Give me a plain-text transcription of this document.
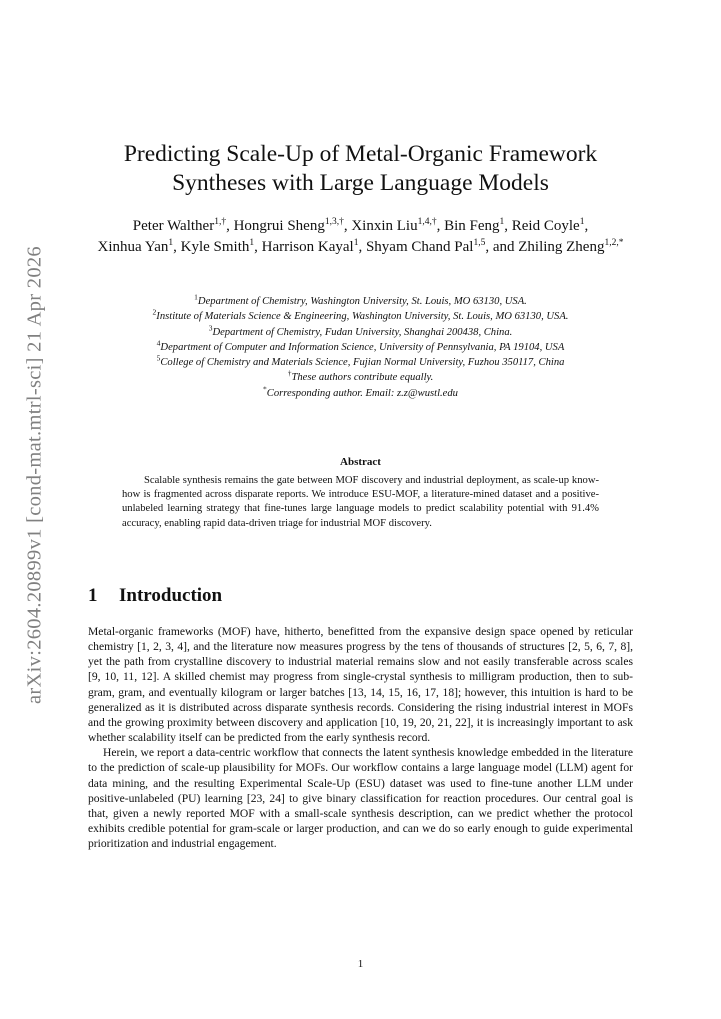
arXiv:2604.20899v1 [cond-mat.mtrl-sci] 21 Apr 2026
Predicting Scale-Up of Metal-Organic Framework
Syntheses with Large Language Models
Peter Walther$^{1,\dagger}$, Hongrui Sheng$^{1,3,\dagger}$, Xinxin Liu$^{1,4,\dagger}$, Bin Feng$^1$, Reid Coyle$^1$,
Xinhua Yan$^1$, Kyle Smith$^1$, Harrison Kayal$^1$, Shyam Chand Pal$^{1,5}$, and Zhiling Zheng$^{1,2,*}$
$^1$Department of Chemistry, Washington University, St. Louis, MO 63130, USA.
$^2$Institute of Materials Science & Engineering, Washington University, St. Louis, MO 63130, USA.
$^3$Department of Chemistry, Fudan University, Shanghai 200438, China.
$^4$Department of Computer and Information Science, University of Pennsylvania, PA 19104, USA
$^5$College of Chemistry and Materials Science, Fujian Normal University, Fuzhou 350117, China
†These authors contribute equally.
*Corresponding author. Email: z.z@wustl.edu
Abstract

Scalable synthesis remains the gate between MOF discovery and industrial deployment, as scale-up know-how is fragmented across disparate reports. We introduce ESU-MOF, a literature-mined dataset and a positive-unlabeled learning strategy that fine-tunes large language models to predict scalability potential with 91.4% accuracy, enabling rapid data-driven triage for industrial MOF discovery.

1 Introduction

Metal-organic frameworks (MOF) have, hitherto, benefitted from the expansive design space opened by reticular chemistry [1, 2, 3, 4], and the literature now measures progress by the tens of thousands of structures [2, 5, 6, 7, 8], yet the path from crystalline discovery to industrial material remains slow and not easily transferable across scales [9, 10, 11, 12]. A skilled chemist may progress from single-crystal synthesis to milligram production, then to sub-gram, gram, and eventually kilogram or larger batches [13, 14, 15, 16, 17, 18]; however, this intuition is hard to be generalized as it is distributed across disparate synthesis records. Considering the rising industrial interest in MOFs and the growing proximity between discovery and application [10, 19, 20, 21, 22], it is increasingly important to ask whether scalability itself can be predicted from the early synthesis record.

Herein, we report a data-centric workflow that connects the latent synthesis knowledge embedded in the literature to the prediction of scale-up plausibility for MOFs. Our workflow contains a large language model (LLM) agent for data mining, and the resulting Experimental Scale-Up (ESU) dataset was used to fine-tune another LLM under positive-unlabeled (PU) learning [23, 24] to give binary classification for reaction procedures. Our central goal is that, given a newly reported MOF with a small-scale synthesis description, can we predict whether the protocol exhibits credible potential for gram-scale or larger production, and can we do so early enough to guide experimental prioritization and industrial engagement.

1
